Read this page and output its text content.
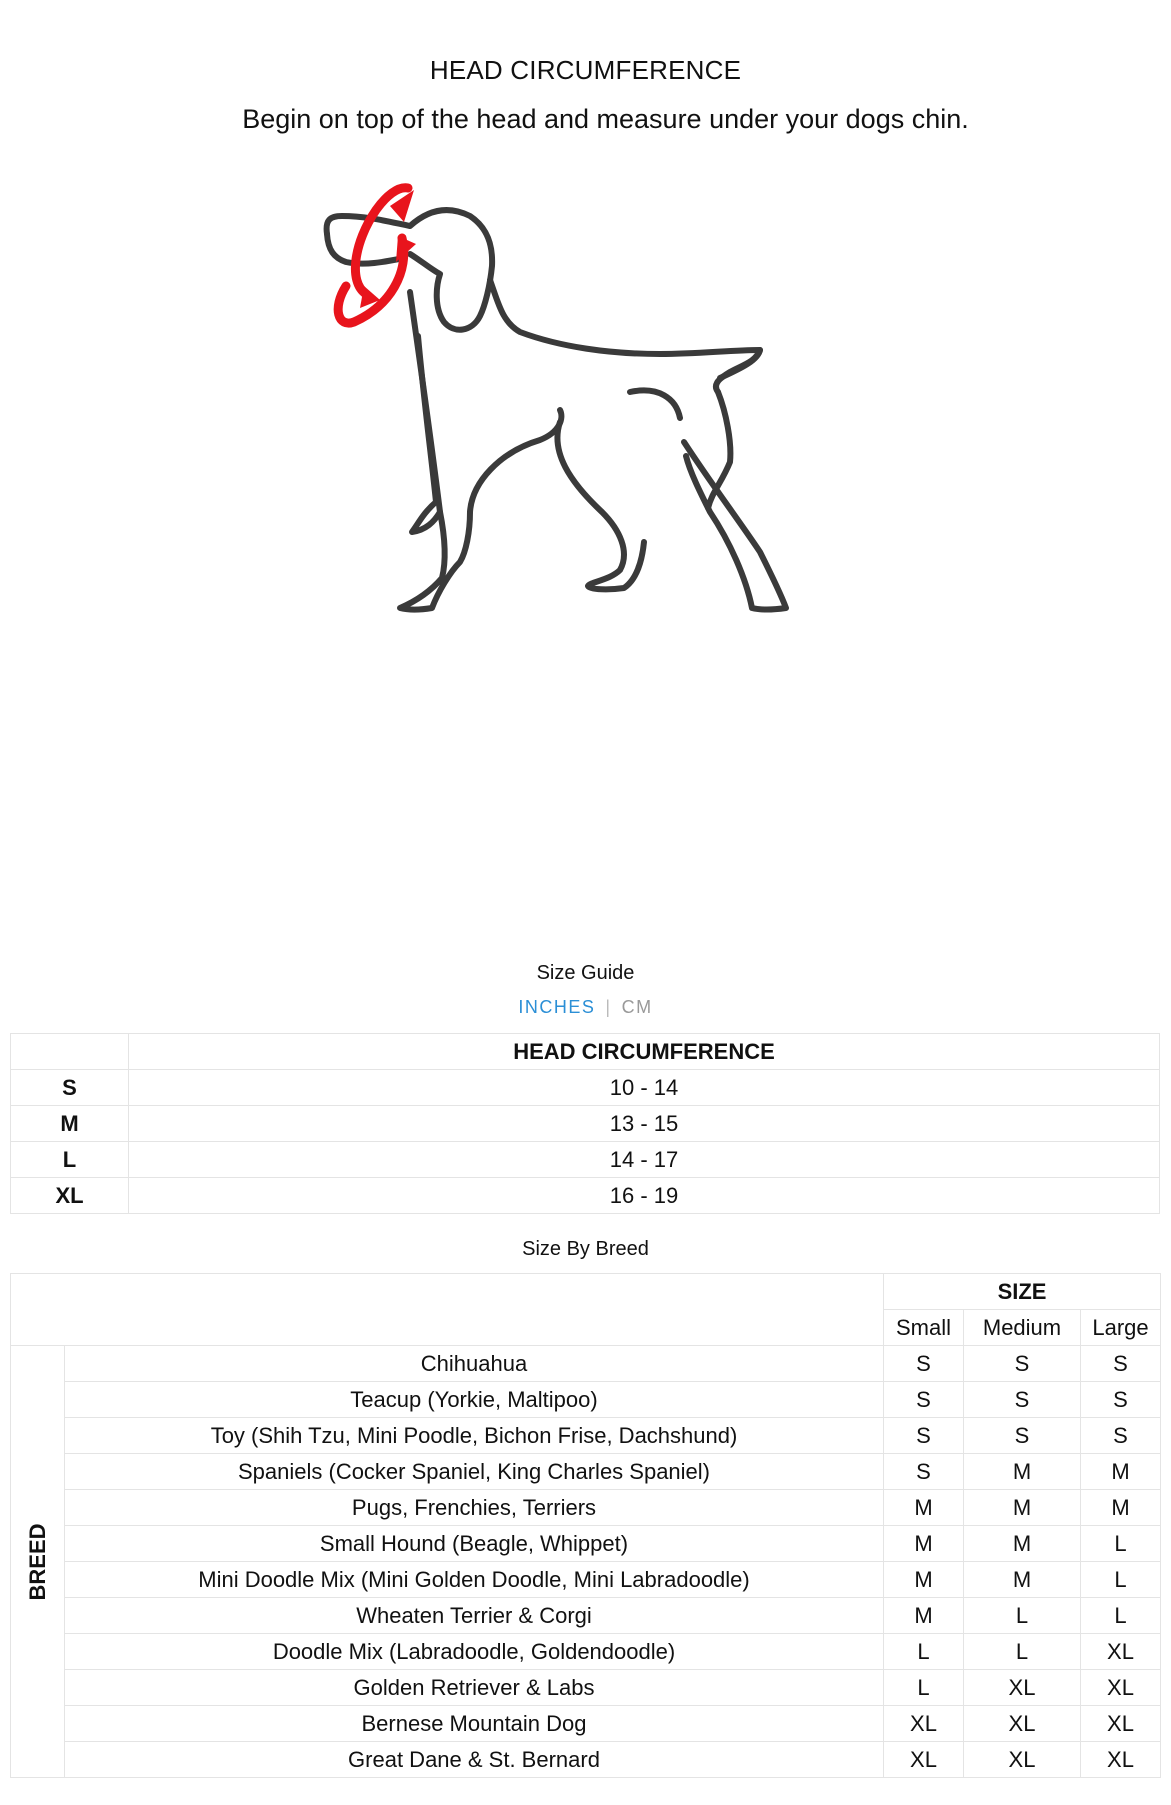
HEAD CIRCUMFERENCE
Begin on top of the head and measure under your dogs chin.
Size Guide
INCHES | CM
	HEAD CIRCUMFERENCE
S	10 - 14
M	13 - 15
L	14 - 17
XL	16 - 19
Size By Breed
		SIZE		
		Small	Medium	Large

BREED	Chihuahua	S	S	S
	Teacup (Yorkie, Maltipoo)	S	S	S
	Toy (Shih Tzu, Mini Poodle, Bichon Frise, Dachshund)	S	S	S
	Spaniels (Cocker Spaniel, King Charles Spaniel)	S	M	M
	Pugs, Frenchies, Terriers	M	M	M
	Small Hound (Beagle, Whippet)	M	M	L
	Mini Doodle Mix (Mini Golden Doodle, Mini Labradoodle)	M	M	L
	Wheaten Terrier & Corgi	M	L	L
	Doodle Mix (Labradoodle, Goldendoodle)	L	L	XL
	Golden Retriever & Labs	L	XL	XL
	Bernese Mountain Dog	XL	XL	XL
	Great Dane & St. Bernard	XL	XL	XL
